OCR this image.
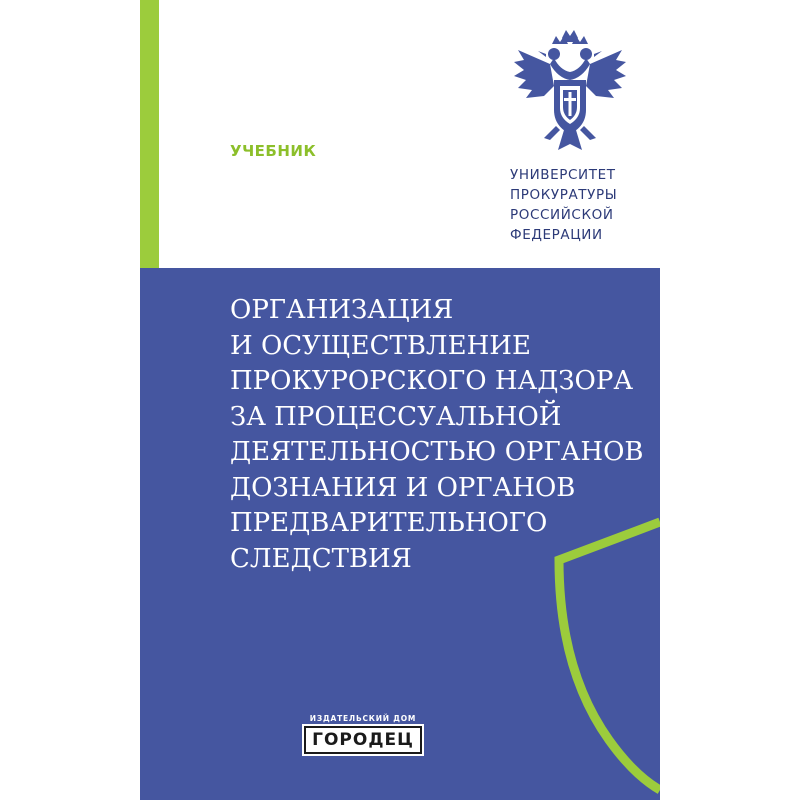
УЧЕБНИК
УНИВЕРСИТЕТ
ПРОКУРАТУРЫ
РОССИЙСКОЙ
ФЕДЕРАЦИИ
ОРГАНИЗАЦИЯ
И ОСУЩЕСТВЛЕНИЕ
ПРОКУРОРСКОГО НАДЗОРА
ЗА ПРОЦЕССУАЛЬНОЙ
ДЕЯТЕЛЬНОСТЬЮ ОРГАНОВ
ДОЗНАНИЯ И ОРГАНОВ
ПРЕДВАРИТЕЛЬНОГО
СЛЕДСТВИЯ
ИЗДАТЕЛЬСКИЙ ДОМ
ГОРОДЕЦ
